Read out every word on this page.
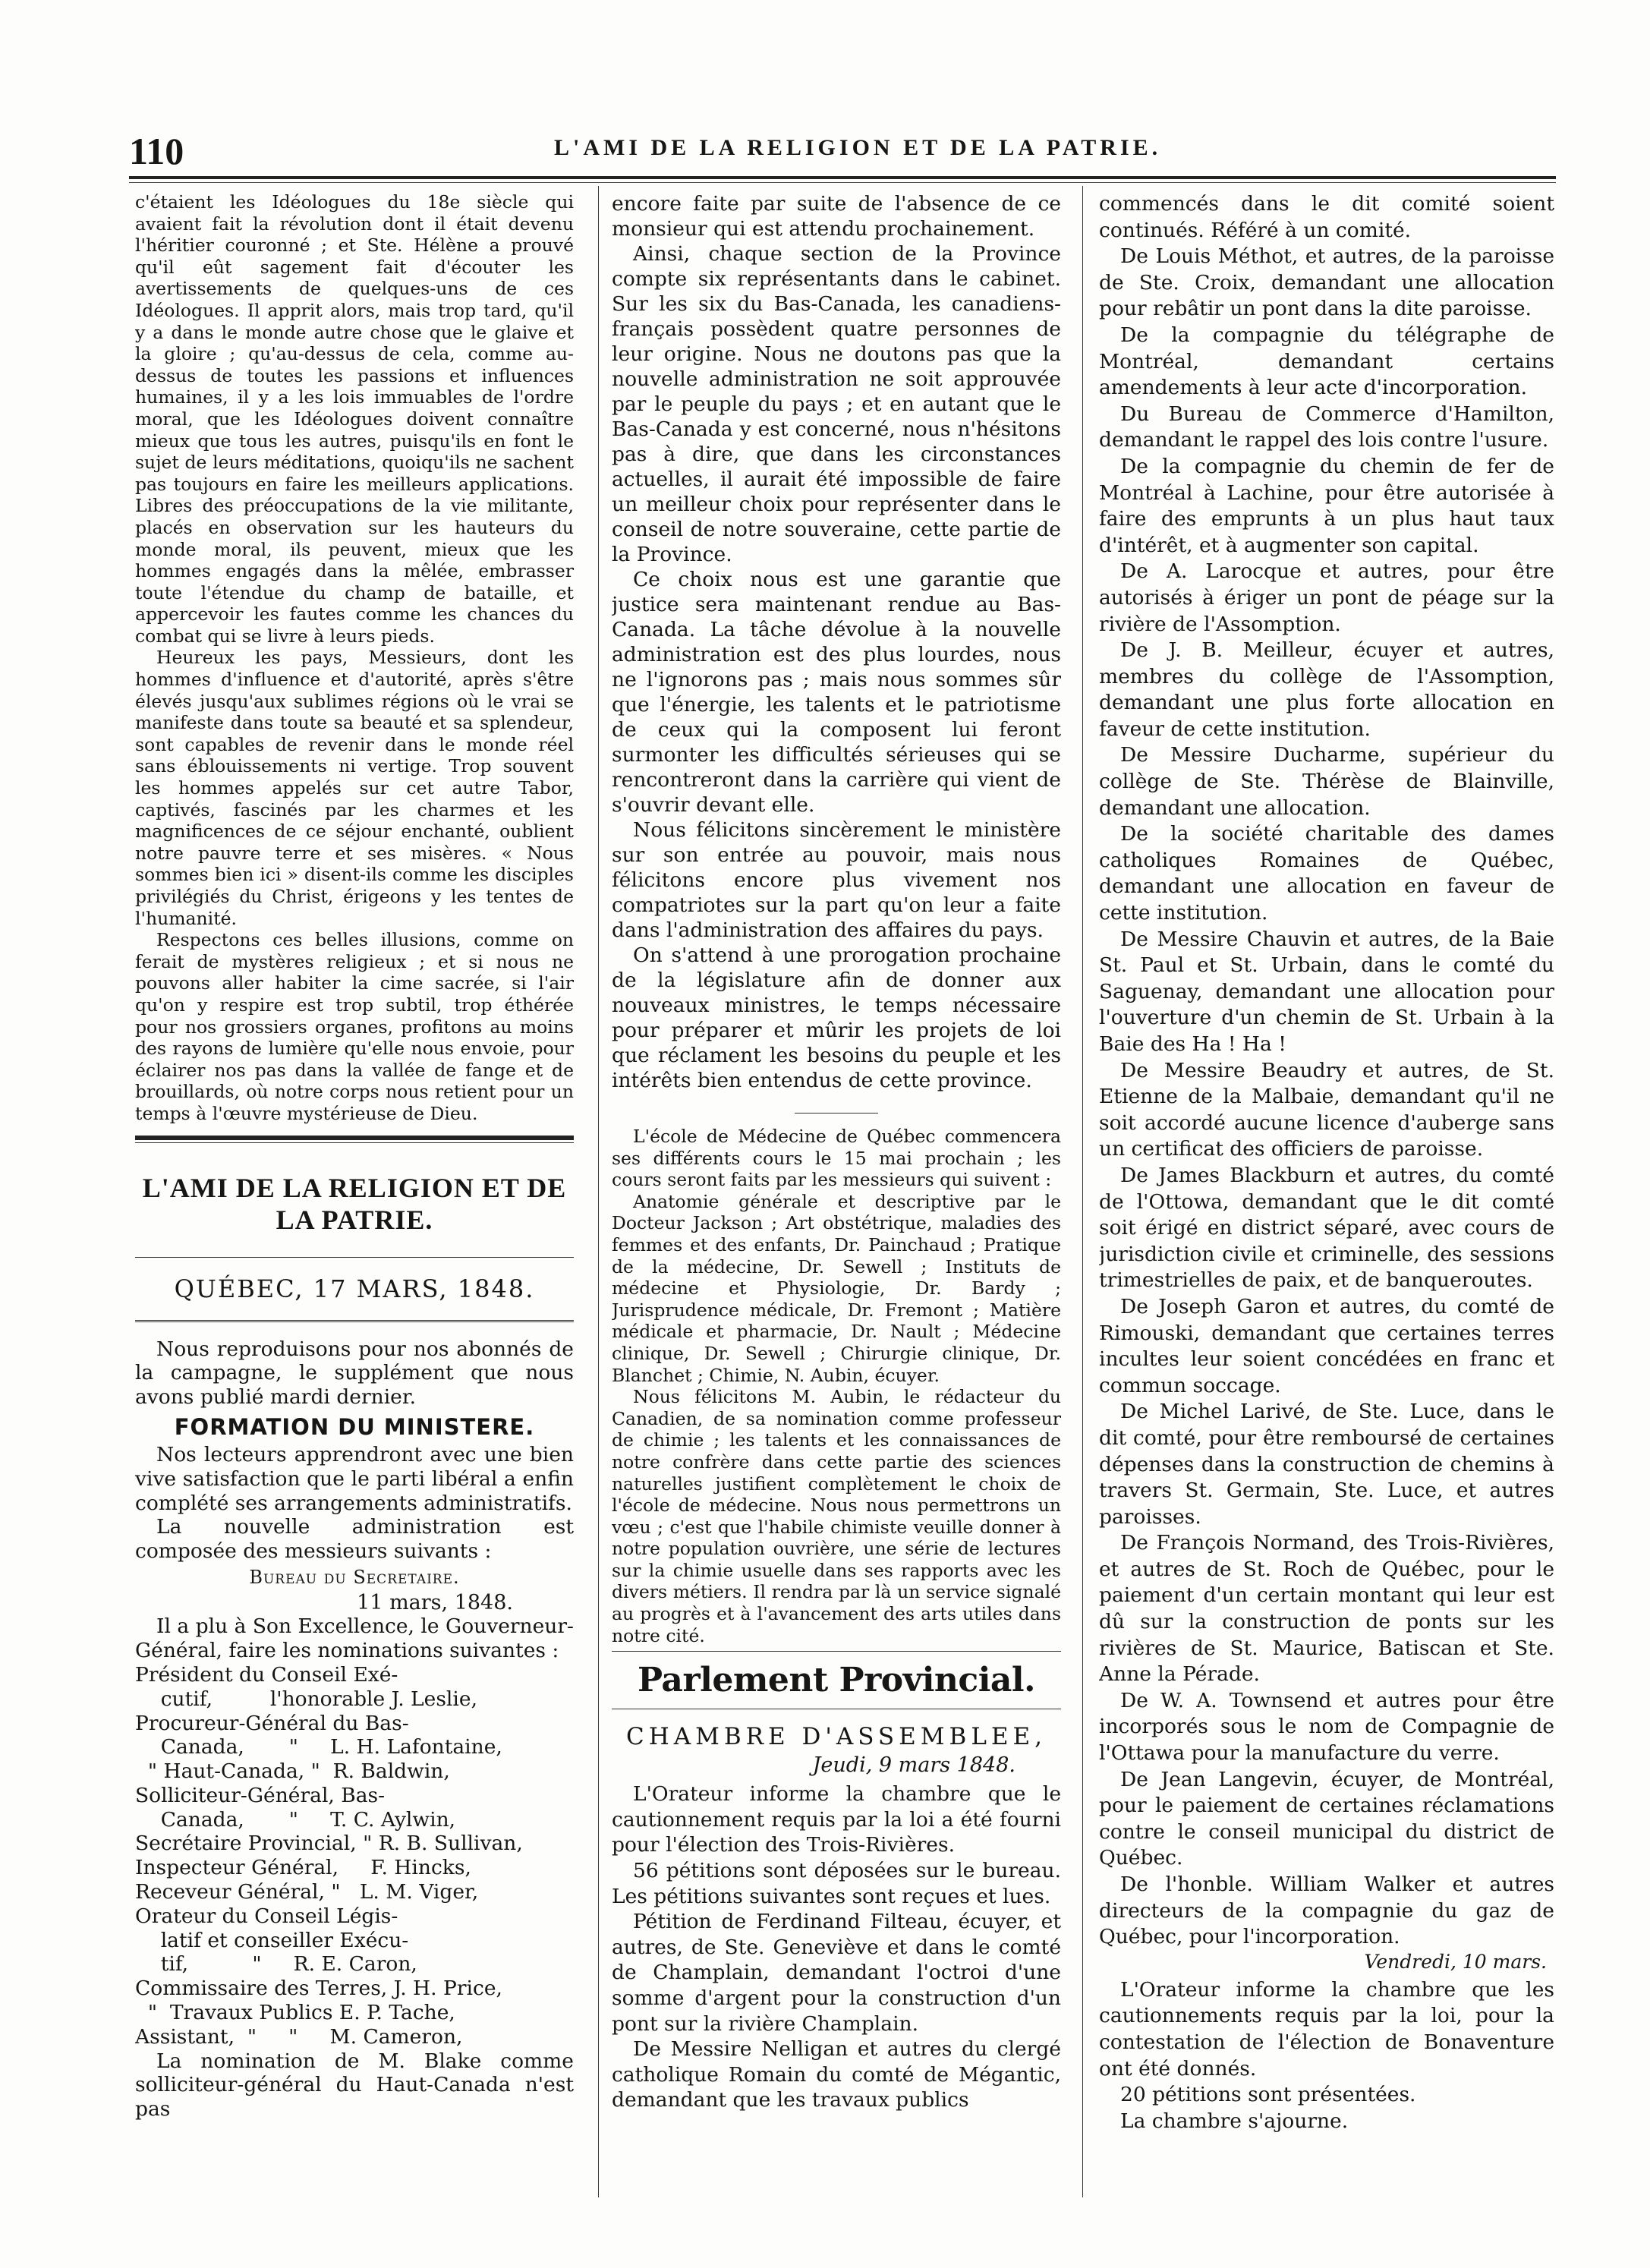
110	L'AMI DE LA RELIGION ET DE LA PATRIE.

c'étaient les Idéologues du 18e siècle qui avaient fait la révolution dont il était devenu l'héritier couronné ; et Ste. Hélène a prouvé qu'il eût sagement fait d'écouter les avertissements de quelques-uns de ces Idéologues. Il apprit alors, mais trop tard, qu'il y a dans le monde autre chose que le glaive et la gloire ; qu'au-dessus de cela, comme au-dessus de toutes les passions et influences humaines, il y a les lois immuables de l'ordre moral, que les Idéologues doivent connaître mieux que tous les autres, puisqu'ils en font le sujet de leurs méditations, quoiqu'ils ne sachent pas toujours en faire les meilleurs applications. Libres des préoccupations de la vie militante, placés en observation sur les hauteurs du monde moral, ils peuvent, mieux que les hommes engagés dans la mêlée, embrasser toute l'étendue du champ de bataille, et appercevoir les fautes comme les chances du combat qui se livre à leurs pieds.

Heureux les pays, Messieurs, dont les hommes d'influence et d'autorité, après s'être élevés jusqu'aux sublimes régions où le vrai se manifeste dans toute sa beauté et sa splendeur, sont capables de revenir dans le monde réel sans éblouissements ni vertige. Trop souvent les hommes appelés sur cet autre Tabor, captivés, fascinés par les charmes et les magnificences de ce séjour enchanté, oublient notre pauvre terre et ses misères. « Nous sommes bien ici » disent-ils comme les disciples privilégiés du Christ, érigeons y les tentes de l'humanité.

Respectons ces belles illusions, comme on ferait de mystères religieux ; et si nous ne pouvons aller habiter la cime sacrée, si l'air qu'on y respire est trop subtil, trop éthérée pour nos grossiers organes, profitons au moins des rayons de lumière qu'elle nous envoie, pour éclairer nos pas dans la vallée de fange et de brouillards, où notre corps nous retient pour un temps à l'œuvre mystérieuse de Dieu.

L'AMI DE LA RELIGION ET DE LA PATRIE.
QUÉBEC, 17 MARS, 1848.

Nous reproduisons pour nos abonnés de la campagne, le supplément que nous avons publié mardi dernier.

FORMATION DU MINISTERE.

Nos lecteurs apprendront avec une bien vive satisfaction que le parti libéral a enfin complété ses arrangements administratifs.

La nouvelle administration est composée des messieurs suivants :

Bureau du Secretaire.

11 mars, 1848.

Il a plu à Son Excellence, le Gouverneur-Général, faire les nominations suivantes :

Président du Conseil Exé-
cutif,         l'honorable J. Leslie,
Procureur-Général du Bas-
Canada,       "     L. H. Lafontaine,
" Haut-Canada, "  R. Baldwin,
Solliciteur-Général, Bas-
Canada,       "     T. C. Aylwin,
Secrétaire Provincial, " R. B. Sullivan,
Inspecteur Général,     F. Hincks,
Receveur Général, "   L. M. Viger,
Orateur du Conseil Légis-
latif et conseiller Exécu-
tif,          "     R. E. Caron,
Commissaire des Terres, J. H. Price,
"  Travaux Publics E. P. Tache,
Assistant,  "     "     M. Cameron,

La nomination de M. Blake comme solliciteur-général du Haut-Canada n'est pas

encore faite par suite de l'absence de ce monsieur qui est attendu prochainement.

Ainsi, chaque section de la Province compte six représentants dans le cabinet. Sur les six du Bas-Canada, les canadiens-français possèdent quatre personnes de leur origine. Nous ne doutons pas que la nouvelle administration ne soit approuvée par le peuple du pays ; et en autant que le Bas-Canada y est concerné, nous n'hésitons pas à dire, que dans les circonstances actuelles, il aurait été impossible de faire un meilleur choix pour représenter dans le conseil de notre souveraine, cette partie de la Province.

Ce choix nous est une garantie que justice sera maintenant rendue au Bas-Canada. La tâche dévolue à la nouvelle administration est des plus lourdes, nous ne l'ignorons pas ; mais nous sommes sûr que l'énergie, les talents et le patriotisme de ceux qui la composent lui feront surmonter les difficultés sérieuses qui se rencontreront dans la carrière qui vient de s'ouvrir devant elle.

Nous félicitons sincèrement le ministère sur son entrée au pouvoir, mais nous félicitons encore plus vivement nos compatriotes sur la part qu'on leur a faite dans l'administration des affaires du pays.

On s'attend à une prorogation prochaine de la législature afin de donner aux nouveaux ministres, le temps nécessaire pour préparer et mûrir les projets de loi que réclament les besoins du peuple et les intérêts bien entendus de cette province.

L'école de Médecine de Québec commencera ses différents cours le 15 mai prochain ; les cours seront faits par les messieurs qui suivent :

Anatomie générale et descriptive par le Docteur Jackson ; Art obstétrique, maladies des femmes et des enfants, Dr. Painchaud ; Pratique de la médecine, Dr. Sewell ; Instituts de médecine et Physiologie, Dr. Bardy ; Jurisprudence médicale, Dr. Fremont ; Matière médicale et pharmacie, Dr. Nault ; Médecine clinique, Dr. Sewell ; Chirurgie clinique, Dr. Blanchet ; Chimie, N. Aubin, écuyer.

Nous félicitons M. Aubin, le rédacteur du Canadien, de sa nomination comme professeur de chimie ; les talents et les connaissances de notre confrère dans cette partie des sciences naturelles justifient complètement le choix de l'école de médecine. Nous nous permettrons un vœu ; c'est que l'habile chimiste veuille donner à notre population ouvrière, une série de lectures sur la chimie usuelle dans ses rapports avec les divers métiers. Il rendra par là un service signalé au progrès et à l'avancement des arts utiles dans notre cité.

Parlement Provincial.
CHAMBRE D'ASSEMBLEE,
Jeudi, 9 mars 1848.

L'Orateur informe la chambre que le cautionnement requis par la loi a été fourni pour l'élection des Trois-Rivières.

56 pétitions sont déposées sur le bureau. Les pétitions suivantes sont reçues et lues.

Pétition de Ferdinand Filteau, écuyer, et autres, de Ste. Geneviève et dans le comté de Champlain, demandant l'octroi d'une somme d'argent pour la construction d'un pont sur la rivière Champlain.

De Messire Nelligan et autres du clergé catholique Romain du comté de Mégantic, demandant que les travaux publics

commencés dans le dit comité soient continués. Référé à un comité.

De Louis Méthot, et autres, de la paroisse de Ste. Croix, demandant une allocation pour rebâtir un pont dans la dite paroisse.

De la compagnie du télégraphe de Montréal, demandant certains amendements à leur acte d'incorporation.

Du Bureau de Commerce d'Hamilton, demandant le rappel des lois contre l'usure.

De la compagnie du chemin de fer de Montréal à Lachine, pour être autorisée à faire des emprunts à un plus haut taux d'intérêt, et à augmenter son capital.

De A. Larocque et autres, pour être autorisés à ériger un pont de péage sur la rivière de l'Assomption.

De J. B. Meilleur, écuyer et autres, membres du collège de l'Assomption, demandant une plus forte allocation en faveur de cette institution.

De Messire Ducharme, supérieur du collège de Ste. Thérèse de Blainville, demandant une allocation.

De la société charitable des dames catholiques Romaines de Québec, demandant une allocation en faveur de cette institution.

De Messire Chauvin et autres, de la Baie St. Paul et St. Urbain, dans le comté du Saguenay, demandant une allocation pour l'ouverture d'un chemin de St. Urbain à la Baie des Ha ! Ha !

De Messire Beaudry et autres, de St. Etienne de la Malbaie, demandant qu'il ne soit accordé aucune licence d'auberge sans un certificat des officiers de paroisse.

De James Blackburn et autres, du comté de l'Ottowa, demandant que le dit comté soit érigé en district séparé, avec cours de jurisdiction civile et criminelle, des sessions trimestrielles de paix, et de banqueroutes.

De Joseph Garon et autres, du comté de Rimouski, demandant que certaines terres incultes leur soient concédées en franc et commun soccage.

De Michel Larivé, de Ste. Luce, dans le dit comté, pour être remboursé de certaines dépenses dans la construction de chemins à travers St. Germain, Ste. Luce, et autres paroisses.

De François Normand, des Trois-Rivières, et autres de St. Roch de Québec, pour le paiement d'un certain montant qui leur est dû sur la construction de ponts sur les rivières de St. Maurice, Batiscan et Ste. Anne la Pérade.

De W. A. Townsend et autres pour être incorporés sous le nom de Compagnie de l'Ottawa pour la manufacture du verre.

De Jean Langevin, écuyer, de Montréal, pour le paiement de certaines réclamations contre le conseil municipal du district de Québec.

De l'honble. William Walker et autres directeurs de la compagnie du gaz de Québec, pour l'incorporation.

Vendredi, 10 mars.

L'Orateur informe la chambre que les cautionnements requis par la loi, pour la contestation de l'élection de Bonaventure ont été donnés.

20 pétitions sont présentées.

La chambre s'ajourne.
